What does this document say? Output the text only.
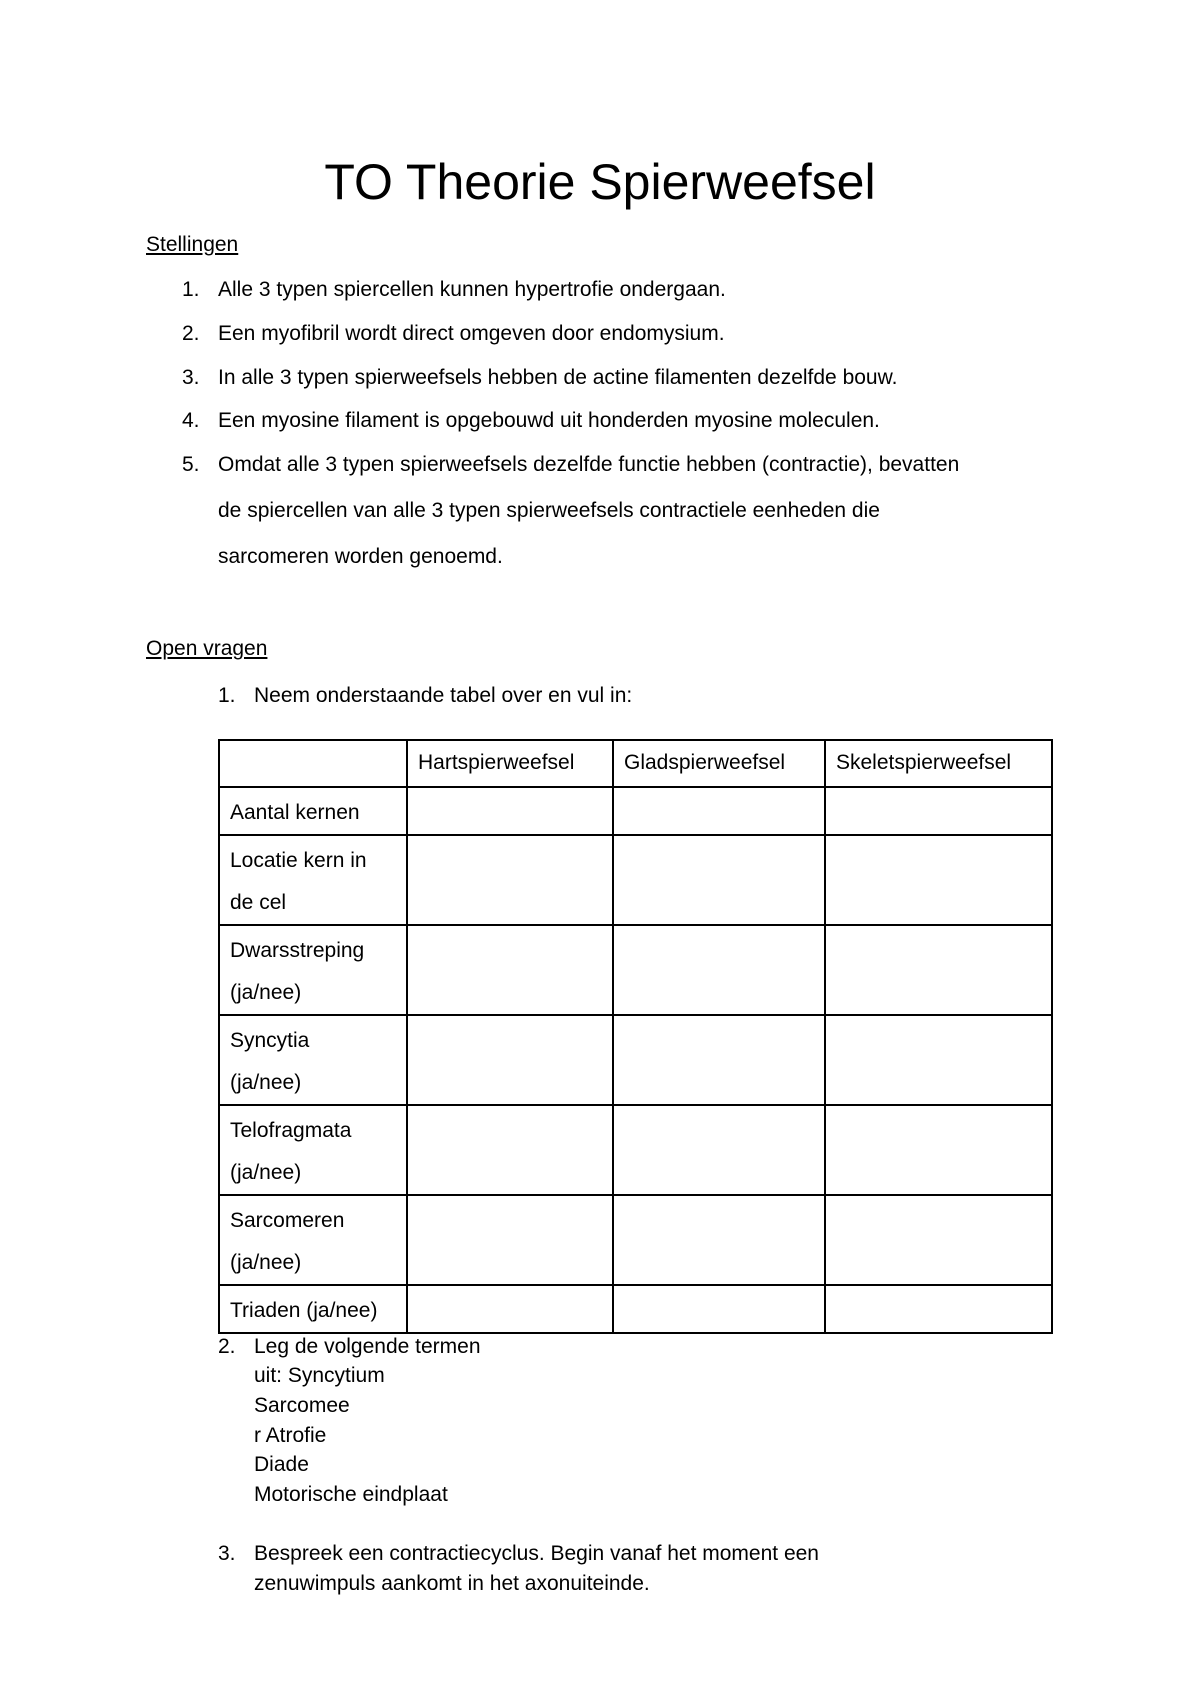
TO Theorie Spierweefsel
Stellingen
1. Alle 3 typen spiercellen kunnen hypertrofie ondergaan.
2. Een myofibril wordt direct omgeven door endomysium.
3. In alle 3 typen spierweefsels hebben de actine filamenten dezelfde bouw.
4. Een myosine filament is opgebouwd uit honderden myosine moleculen.
5. Omdat alle 3 typen spierweefsels dezelfde functie hebben (contractie), bevatten
de spiercellen van alle 3 typen spierweefsels contractiele eenheden die
sarcomeren worden genoemd.
Open vragen
1. Neem onderstaande tabel over en vul in:
	Hartspierweefsel	Gladspierweefsel	Skeletspierweefsel

Aantal kernen			

Locatie kern in
de cel			

Dwarsstreping
(ja/nee)			

Syncytia
(ja/nee)			

Telofragmata
(ja/nee)			

Sarcomeren
(ja/nee)			

Triaden (ja/nee)			

2. Leg de volgende termen
uit: Syncytium
Sarcomee
r Atrofie
Diade
Motorische eindplaat
3. Bespreek een contractiecyclus. Begin vanaf het moment een
zenuwimpuls aankomt in het axonuiteinde.
